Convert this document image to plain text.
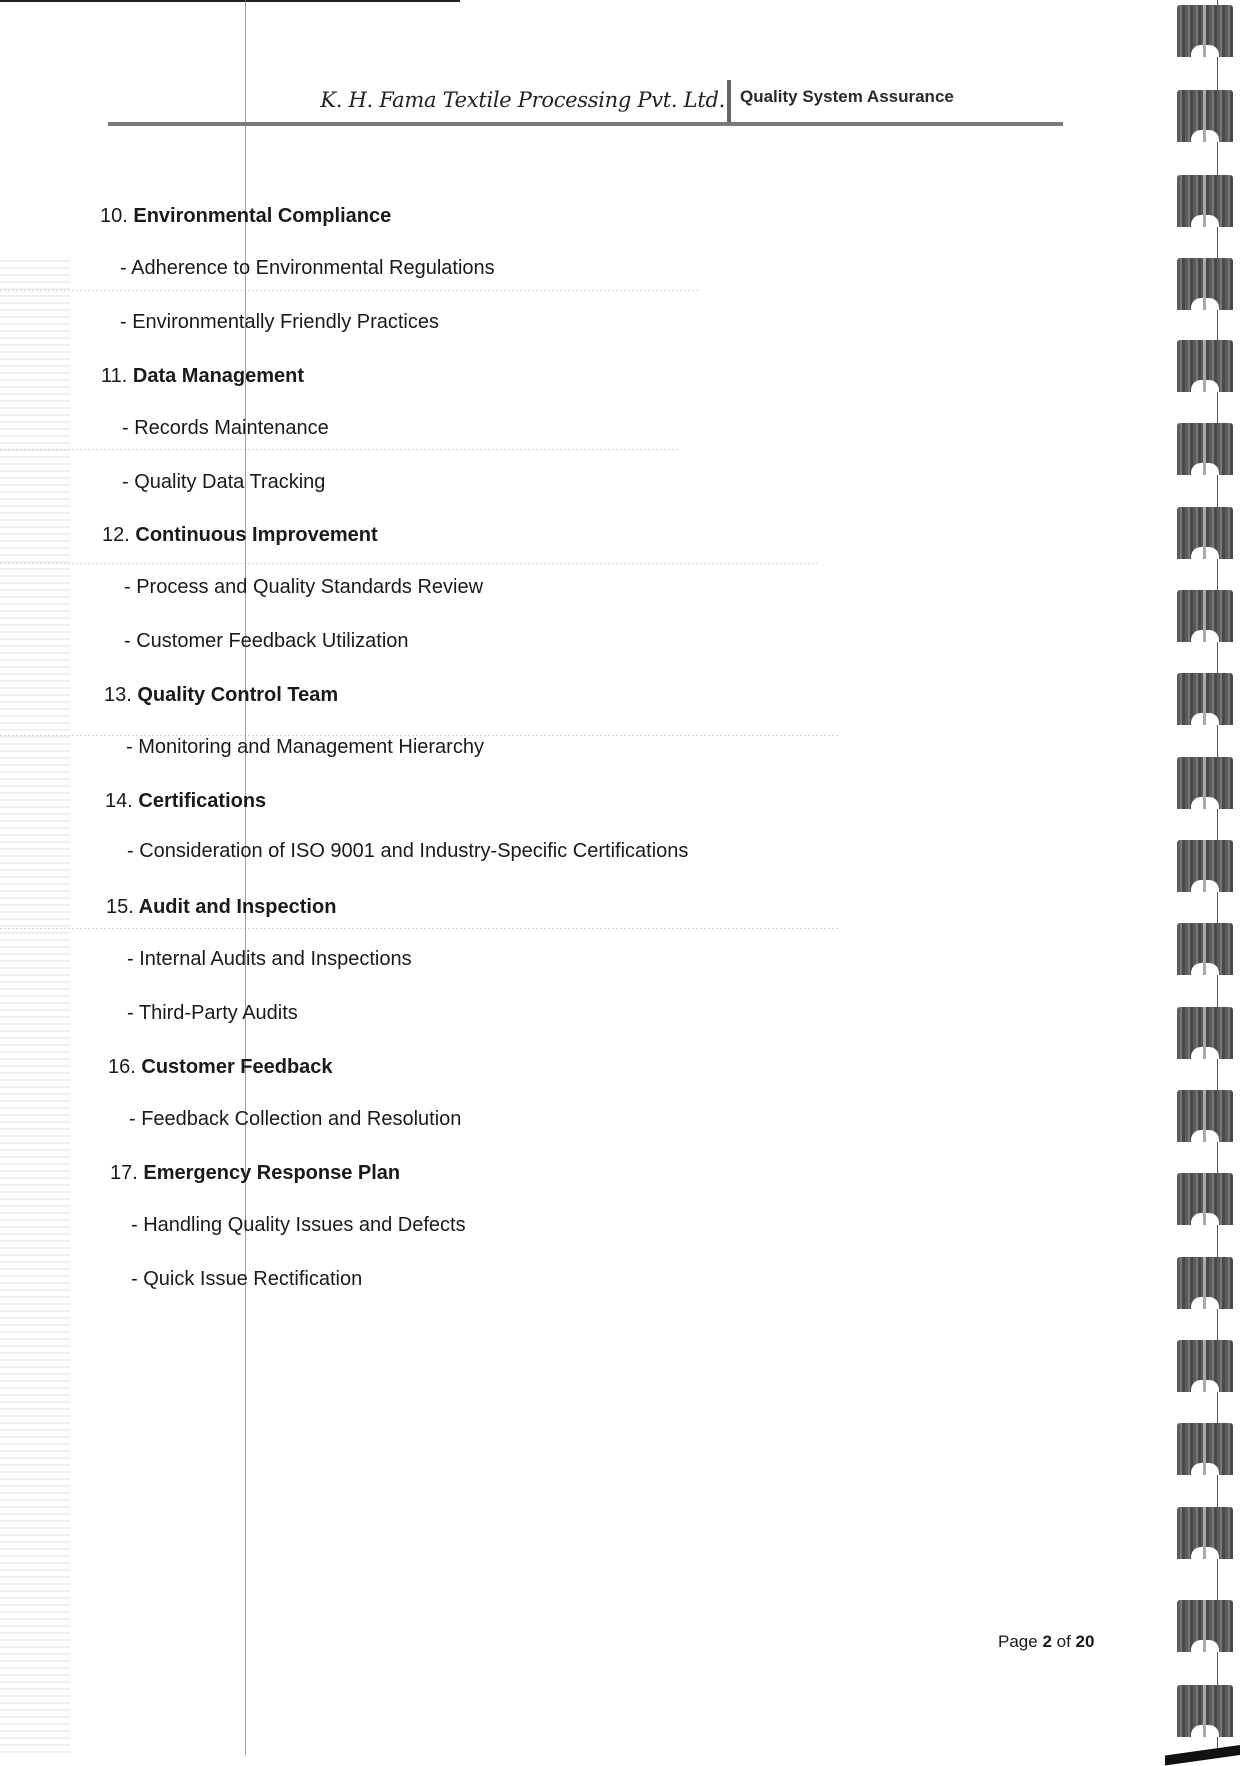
K. H. Fama Textile Processing Pvt. Ltd. Quality System Assurance
10. Environmental Compliance
- Adherence to Environmental Regulations
- Environmentally Friendly Practices
11. Data Management
- Records Maintenance
- Quality Data Tracking
12. Continuous Improvement
- Process and Quality Standards Review
- Customer Feedback Utilization
13. Quality Control Team
- Monitoring and Management Hierarchy
14. Certifications
- Consideration of ISO 9001 and Industry-Specific Certifications
15. Audit and Inspection
- Internal Audits and Inspections
- Third-Party Audits
16. Customer Feedback
- Feedback Collection and Resolution
17. Emergency Response Plan
- Handling Quality Issues and Defects
- Quick Issue Rectification
Page 2 of 20
